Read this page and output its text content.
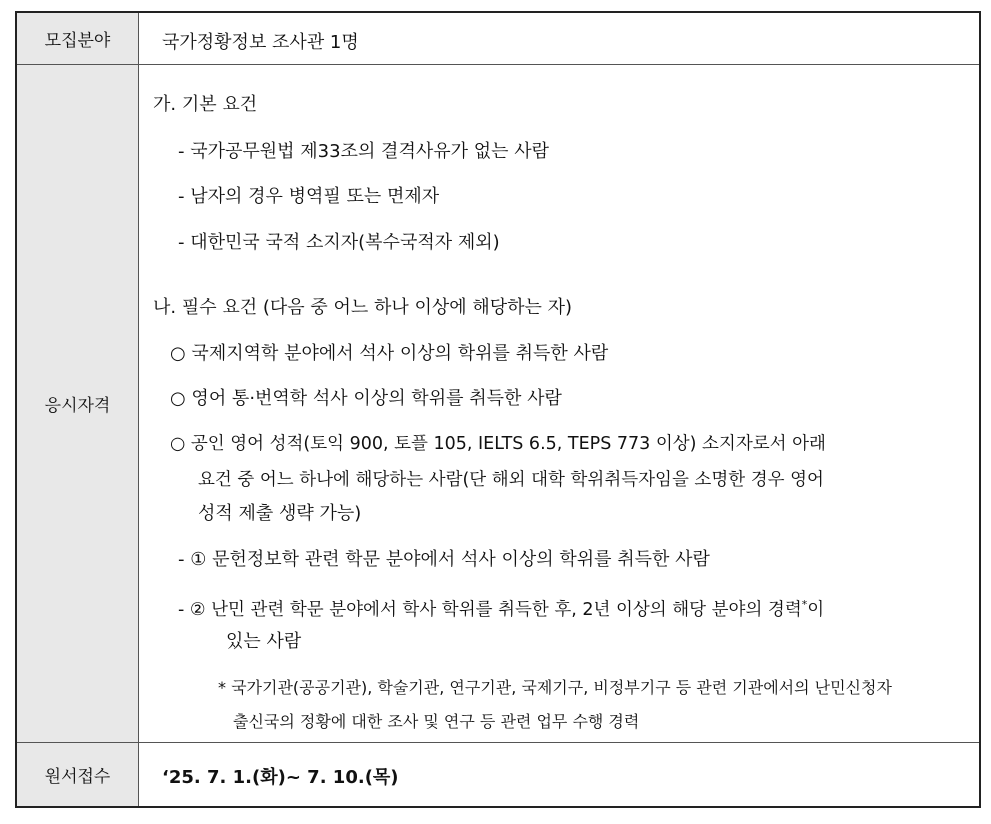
모집분야	국가정황정보 조사관 1명
응시자격
가. 기본 요건
- 국가공무원법 제33조의 결격사유가 없는 사람
- 남자의 경우 병역필 또는 면제자
- 대한민국 국적 소지자(복수국적자 제외)
나. 필수 요건 (다음 중 어느 하나 이상에 해당하는 자)
○ 국제지역학 분야에서 석사 이상의 학위를 취득한 사람
○ 영어 통·번역학 석사 이상의 학위를 취득한 사람
○ 공인 영어 성적(토익 900, 토플 105, IELTS 6.5, TEPS 773 이상) 소지자로서 아래
요건 중 어느 하나에 해당하는 사람(단 해외 대학 학위취득자임을 소명한 경우 영어
성적 제출 생략 가능)
- ① 문헌정보학 관련 학문 분야에서 석사 이상의 학위를 취득한 사람
- ② 난민 관련 학문 분야에서 학사 학위를 취득한 후, 2년 이상의 해당 분야의 경력*이
있는 사람
* 국가기관(공공기관), 학술기관, 연구기관, 국제기구, 비정부기구 등 관련 기관에서의 난민신청자
출신국의 정황에 대한 조사 및 연구 등 관련 업무 수행 경력
원서접수	‘25. 7. 1.(화)~ 7. 10.(목)
